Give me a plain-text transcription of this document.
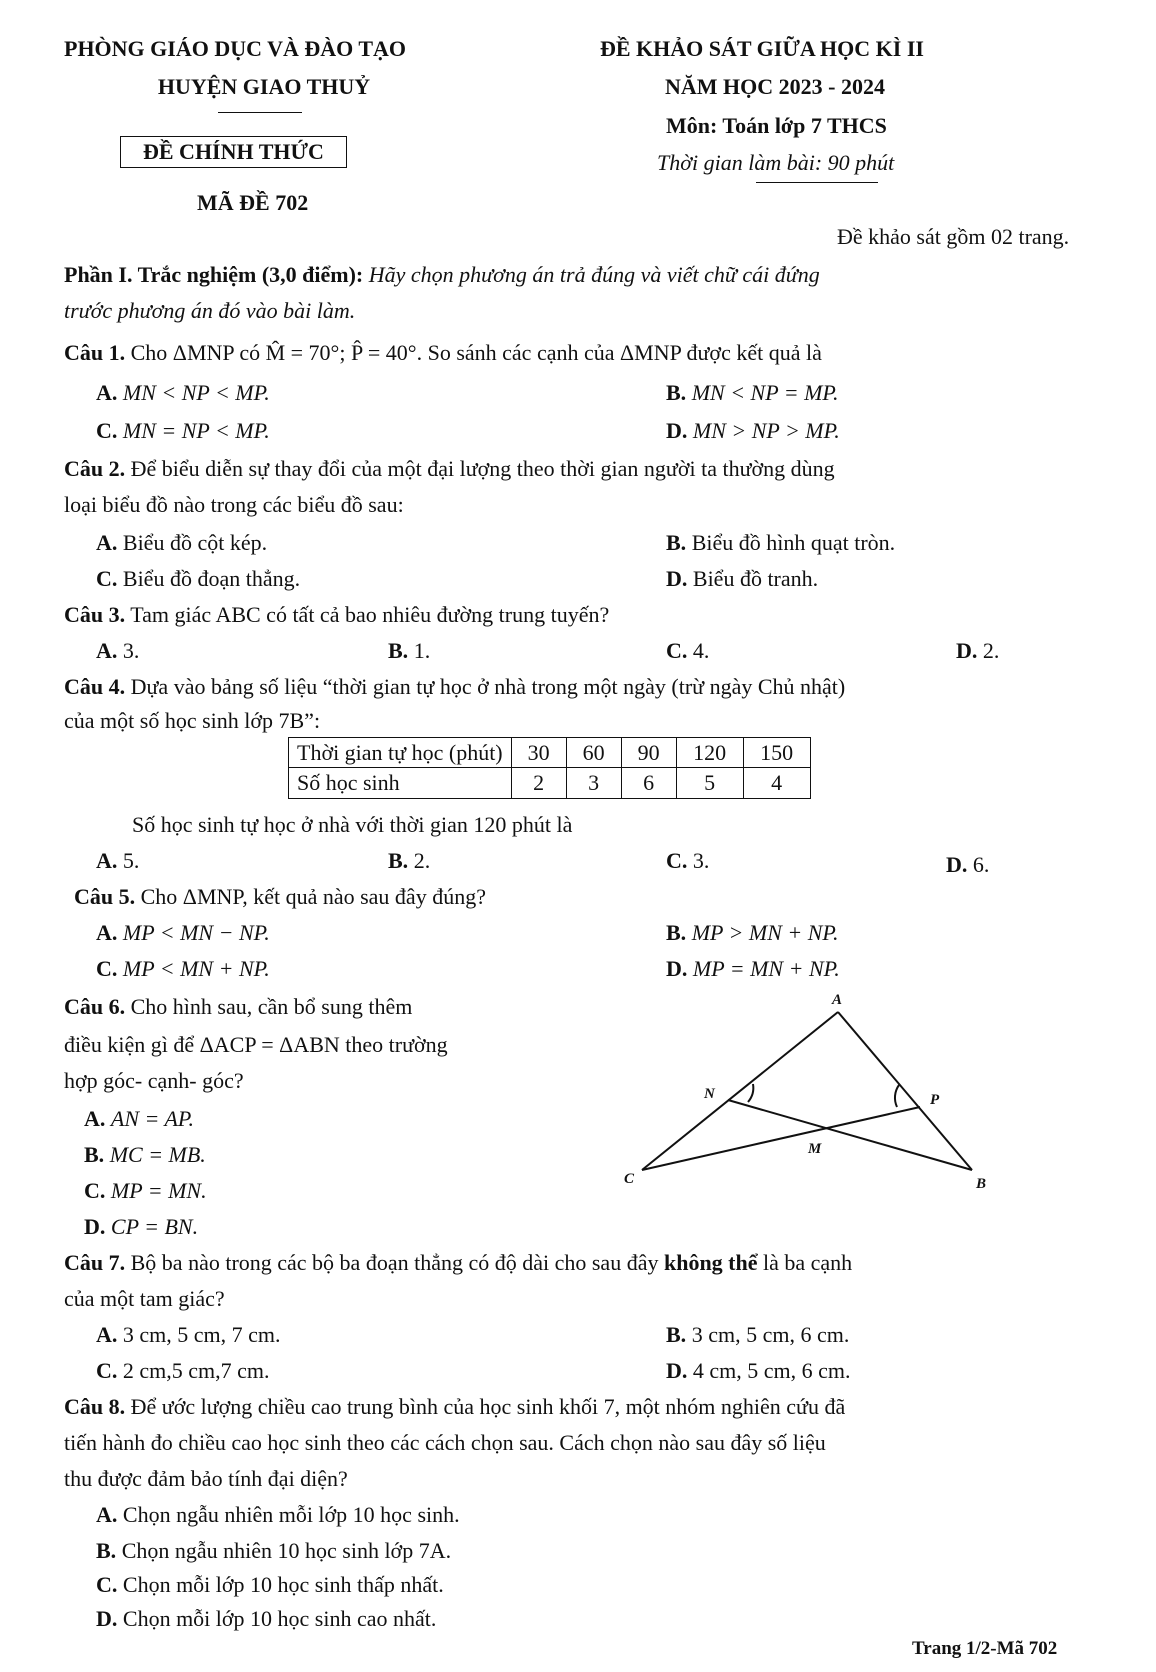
PHÒNG GIÁO DỤC VÀ ĐÀO TẠO
HUYỆN GIAO THUỶ
ĐỀ CHÍNH THỨC
MÃ ĐỀ 702
ĐỀ KHẢO SÁT GIỮA HỌC KÌ II
NĂM HỌC 2023 - 2024
Môn: Toán lớp 7 THCS
Thời gian làm bài: 90 phút
Đề khảo sát gồm 02 trang.
Phần I. Trắc nghiệm (3,0 điểm): Hãy chọn phương án trả đúng và viết chữ cái đứng
trước phương án đó vào bài làm.
Câu 1. Cho ΔMNP có M̂ = 70°; P̂ = 40°. So sánh các cạnh của ΔMNP được kết quả là
A. MN < NP < MP.	B. MN < NP = MP.
C. MN = NP < MP.	D. MN > NP > MP.
Câu 2. Để biểu diễn sự thay đổi của một đại lượng theo thời gian người ta thường dùng
loại biểu đồ nào trong các biểu đồ sau:
A. Biểu đồ cột kép.	B. Biểu đồ hình quạt tròn.
C. Biểu đồ đoạn thẳng.	D. Biểu đồ tranh.
Câu 3. Tam giác ABC có tất cả bao nhiêu đường trung tuyến?
A. 3.	B. 1.	C. 4.	D. 2.
Câu 4. Dựa vào bảng số liệu “thời gian tự học ở nhà trong một ngày (trừ ngày Chủ nhật)
của một số học sinh lớp 7B”:
Thời gian tự học (phút)	30	60	90	120	150
Số học sinh	2	3	6	5	4
Số học sinh tự học ở nhà với thời gian 120 phút là
A. 5.	B. 2.	C. 3.	D. 6.
Câu 5. Cho ΔMNP, kết quả nào sau đây đúng?
A. MP < MN − NP.	B. MP > MN + NP.
C. MP < MN + NP.	D. MP = MN + NP.
Câu 6. Cho hình sau, cần bổ sung thêm
điều kiện gì để ΔACP = ΔABN theo trường
hợp góc- cạnh- góc?
A. AN = AP.
B. MC = MB.
C. MP = MN.
D. CP = BN.
A
N	P
M
C	B
Câu 7. Bộ ba nào trong các bộ ba đoạn thẳng có độ dài cho sau đây không thể là ba cạnh
của một tam giác?
A. 3 cm, 5 cm, 7 cm.	B. 3 cm, 5 cm, 6 cm.
C. 2 cm,5 cm,7 cm.	D. 4 cm, 5 cm, 6 cm.
Câu 8. Để ước lượng chiều cao trung bình của học sinh khối 7, một nhóm nghiên cứu đã
tiến hành đo chiều cao học sinh theo các cách chọn sau. Cách chọn nào sau đây số liệu
thu được đảm bảo tính đại diện?
A. Chọn ngẫu nhiên mỗi lớp 10 học sinh.
B. Chọn ngẫu nhiên 10 học sinh lớp 7A.
C. Chọn mỗi lớp 10 học sinh thấp nhất.
D. Chọn mỗi lớp 10 học sinh cao nhất.
Trang 1/2-Mã 702
